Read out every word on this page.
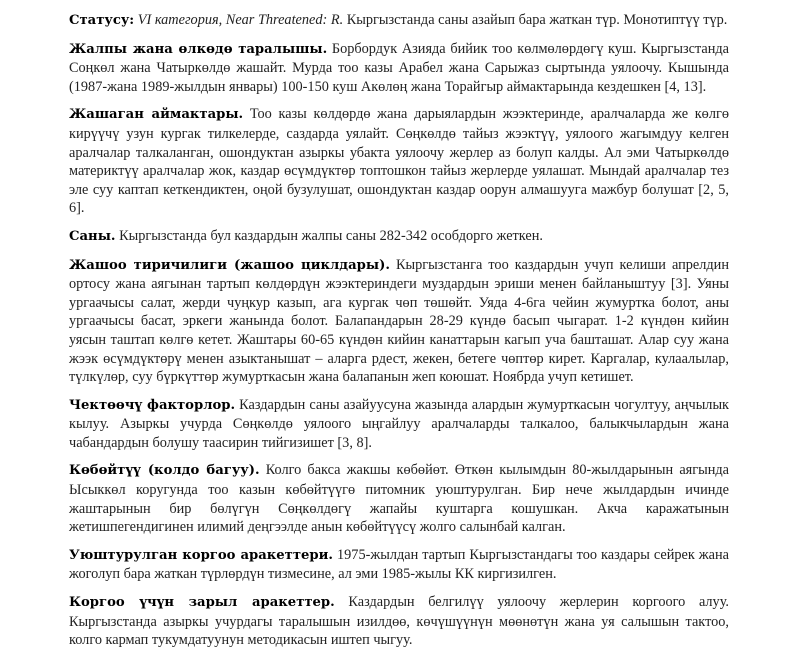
Статусу: VI категория, Near Threatened: R. Кыргызстанда саны азайып бара жаткан түр. Монотиптүү түр.

Жалпы жана өлкөдө таралышы. Борбордук Азияда бийик тоо көлмөлөрдөгү куш. Кыргызстанда Соңкөл жана Чатыркөлдө жашайт. Мурда тоо казы Арабел жана Сарыжаз сыртында уялоочу. Кышында (1987-жана 1989-жылдын январы) 100-150 куш Акөлөң жана Торайгыр аймактарында кездешкен [4, 13].

Жашаган аймактары. Тоо казы көлдөрдө жана дарыялардын жээктеринде, аралчаларда же көлгө кирүүчү узун кургак тилкелерде, саздарда уялайт. Сөңкөлдө тайыз жээктүү, уялоого жагымдуу келген аралчалар талкаланган, ошондуктан азыркы убакта уялоочу жерлер аз болуп калды. Ал эми Чатыркөлдө материктүү аралчалар жок, каздар өсүмдүктөр топтошкон тайыз жерлерде уялашат. Мындай аралчалар тез эле суу каптап кеткендиктен, оңой бузулушат, ошондуктан каздар оорун алмашууга мажбур болушат [2, 5, 6].

Саны. Кыргызстанда бул каздардын жалпы саны 282-342 особдорго жеткен.

Жашоо тиричилиги (жашоо циклдары). Кыргызстанга тоо каздардын учуп келиши апрелдин ортосу жана аягынан тартып көлдөрдүн жээктериндеги муздардын эриши менен байланыштуу [3]. Уяны ургаачысы салат, жерди чуңкур казып, ага кургак чөп төшөйт. Уяда 4-6га чейин жумуртка болот, аны ургаачысы басат, эркеги жанында болот. Балапандарын 28-29 күндө басып чыгарат. 1-2 күндөн кийин уясын таштап көлгө кетет. Жаштары 60-65 күндөн кийин канаттарын кагып уча башташат. Алар суу жана жээк өсүмдүктөрү менен азыктанышат – аларга рдест, жекен, бетеге чөптөр кирет. Каргалар, кулаалылар, түлкүлөр, суу бүркүттөр жумурткасын жана балапанын жеп коюшат. Ноябрда учуп кетишет.

Чектөөчү факторлор. Каздардын саны азайуусуна жазында алардын жумурткасын чогултуу, аңчылык кылуу. Азыркы учурда Сөңкөлдө уялоого ыңгайлуу аралчаларды талкалоо, балыкчылардын жана чабандардын болушу таасирин тийгизишет [3, 8].

Көбөйтүү (колдо багуу). Колго бакса жакшы көбөйөт. Өткөн кылымдын 80-жылдарынын аягында Ысыккөл коругунда тоо казын көбөйтүүгө питомник уюштурулган. Бир нече жылдардын ичинде жаштарынын бир бөлүгүн Сөңкөлдөгү жапайы куштарга кошушкан. Акча каражатынын жетишпегендигинен илимий деңгээлде анын көбөйтүүсү жолго салынбай калган.

Уюштурулган коргоо аракеттери. 1975-жылдан тартып Кыргызстандагы тоо каздары сейрек жана жоголуп бара жаткан түрлөрдүн тизмесине, ал эми 1985-жылы КК киргизилген.

Коргоо үчүн зарыл аракеттер. Каздардын белгилүү уялоочу жерлерин коргоого алуу. Кыргызстанда азыркы учурдагы таралышын изилдөө, көчүшүүнүн мөөнөтүн жана уя салышын тактоо, колго кармап тукумдатуунун методикасын иштеп чыгуу.
